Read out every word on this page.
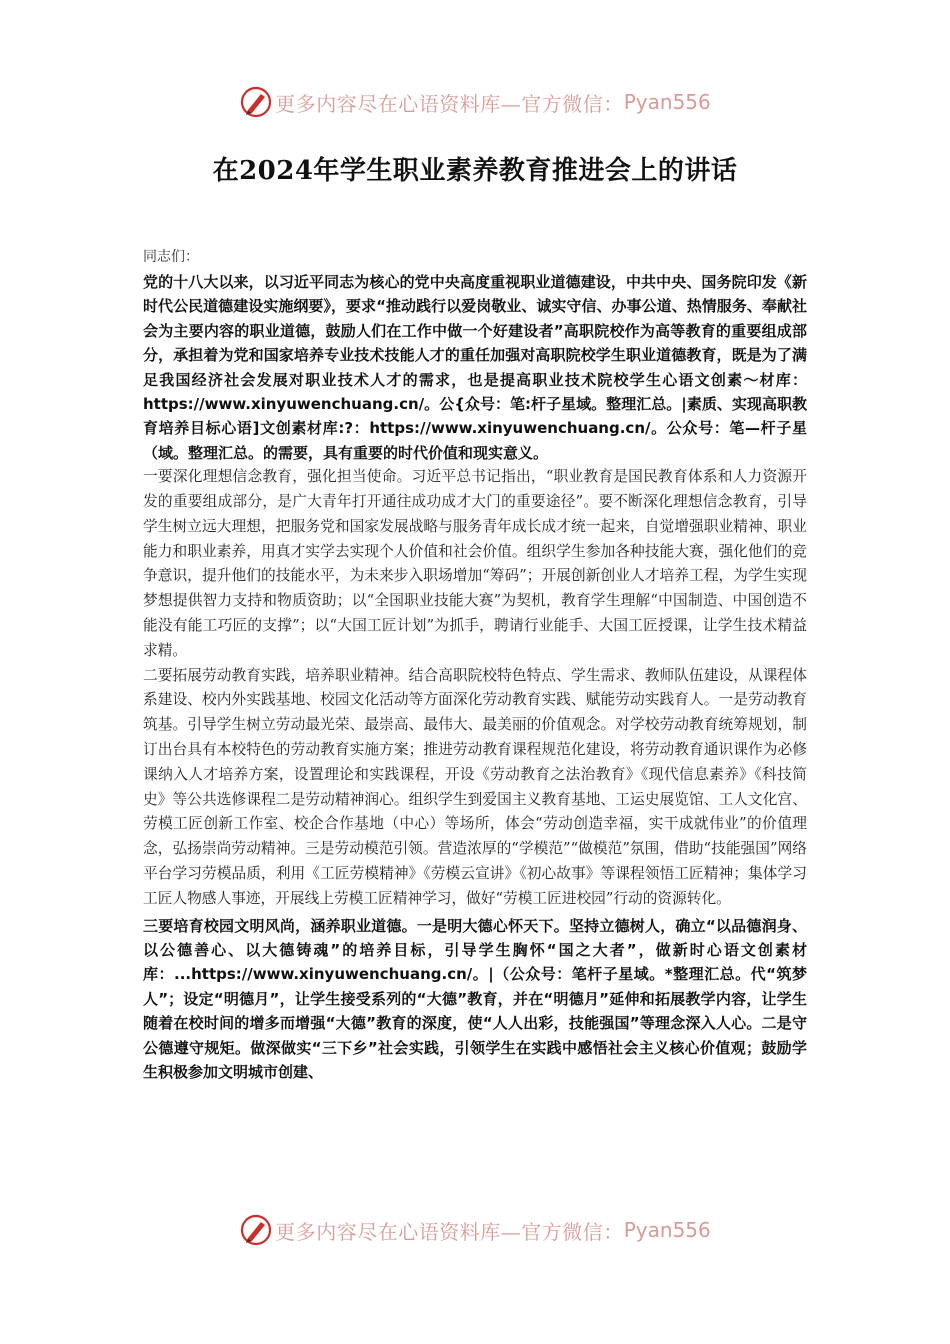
更多内容尽在心语资料库—官方微信： Pyan556
在2024年学生职业素养教育推进会上的讲话
同志们：

党的十八大以来，以习近平同志为核心的党中央高度重视职业道德建设，中共中央、国务院印发《新时代公民道德建设实施纲要》，要求“推动践行以爱岗敬业、诚实守信、办事公道、热情服务、奉献社会为主要内容的职业道德，鼓励人们在工作中做一个好建设者”高职院校作为高等教育的重要组成部分，承担着为党和国家培养专业技术技能人才的重任加强对高职院校学生职业道德教育，既是为了满足我国经济社会发展对职业技术人才的需求，也是提高职业技术院校学生心语文创素～材库：https://www.xinyuwenchuang.cn/。公{众号：笔:杆子星域。整理汇总。|素质、实现高职教育培养目标心语]文创素材库:?：https://www.xinyuwenchuang.cn/。公众号：笔—杆子星（域。整理汇总。的需要，具有重要的时代价值和现实意义。

一要深化理想信念教育，强化担当使命。习近平总书记指出，“职业教育是国民教育体系和人力资源开发的重要组成部分，是广大青年打开通往成功成才大门的重要途径”。要不断深化理想信念教育，引导学生树立远大理想，把服务党和国家发展战略与服务青年成长成才统一起来，自觉增强职业精神、职业能力和职业素养，用真才实学去实现个人价值和社会价值。组织学生参加各种技能大赛，强化他们的竞争意识，提升他们的技能水平，为未来步入职场增加“筹码”；开展创新创业人才培养工程，为学生实现梦想提供智力支持和物质资助；以“全国职业技能大赛”为契机，教育学生理解“中国制造、中国创造不能没有能工巧匠的支撑”；以“大国工匠计划”为抓手，聘请行业能手、大国工匠授课，让学生技术精益求精。

二要拓展劳动教育实践，培养职业精神。结合高职院校特色特点、学生需求、教师队伍建设，从课程体系建设、校内外实践基地、校园文化活动等方面深化劳动教育实践、赋能劳动实践育人。一是劳动教育筑基。引导学生树立劳动最光荣、最崇高、最伟大、最美丽的价值观念。对学校劳动教育统筹规划，制订出台具有本校特色的劳动教育实施方案；推进劳动教育课程规范化建设，将劳动教育通识课作为必修课纳入人才培养方案，设置理论和实践课程，开设《劳动教育之法治教育》《现代信息素养》《科技简史》等公共选修课程二是劳动精神润心。组织学生到爱国主义教育基地、工运史展览馆、工人文化宫、劳模工匠创新工作室、校企合作基地（中心）等场所，体会“劳动创造幸福，实干成就伟业”的价值理念，弘扬崇尚劳动精神。三是劳动模范引领。营造浓厚的“学模范”“做模范”氛围，借助“技能强国”网络平台学习劳模品质，利用《工匠劳模精神》《劳模云宣讲》《初心故事》等课程领悟工匠精神；集体学习工匠人物感人事迹，开展线上劳模工匠精神学习，做好“劳模工匠进校园”行动的资源转化。

三要培育校园文明风尚，涵养职业道德。一是明大德心怀天下。坚持立德树人，确立“以品德润身、以公德善心、以大德铸魂”的培养目标，引导学生胸怀“国之大者”，做新时心语文创素材库：...https://www.xinyuwenchuang.cn/。|（公众号：笔杆子星域。*整理汇总。代“筑梦人”；设定“明德月”，让学生接受系列的“大德”教育，并在“明德月”延伸和拓展教学内容，让学生随着在校时间的增多而增强“大德”教育的深度，使“人人出彩，技能强国”等理念深入人心。二是守公德遵守规矩。做深做实“三下乡”社会实践，引领学生在实践中感悟社会主义核心价值观；鼓励学生积极参加文明城市创建、

更多内容尽在心语资料库—官方微信： Pyan556
